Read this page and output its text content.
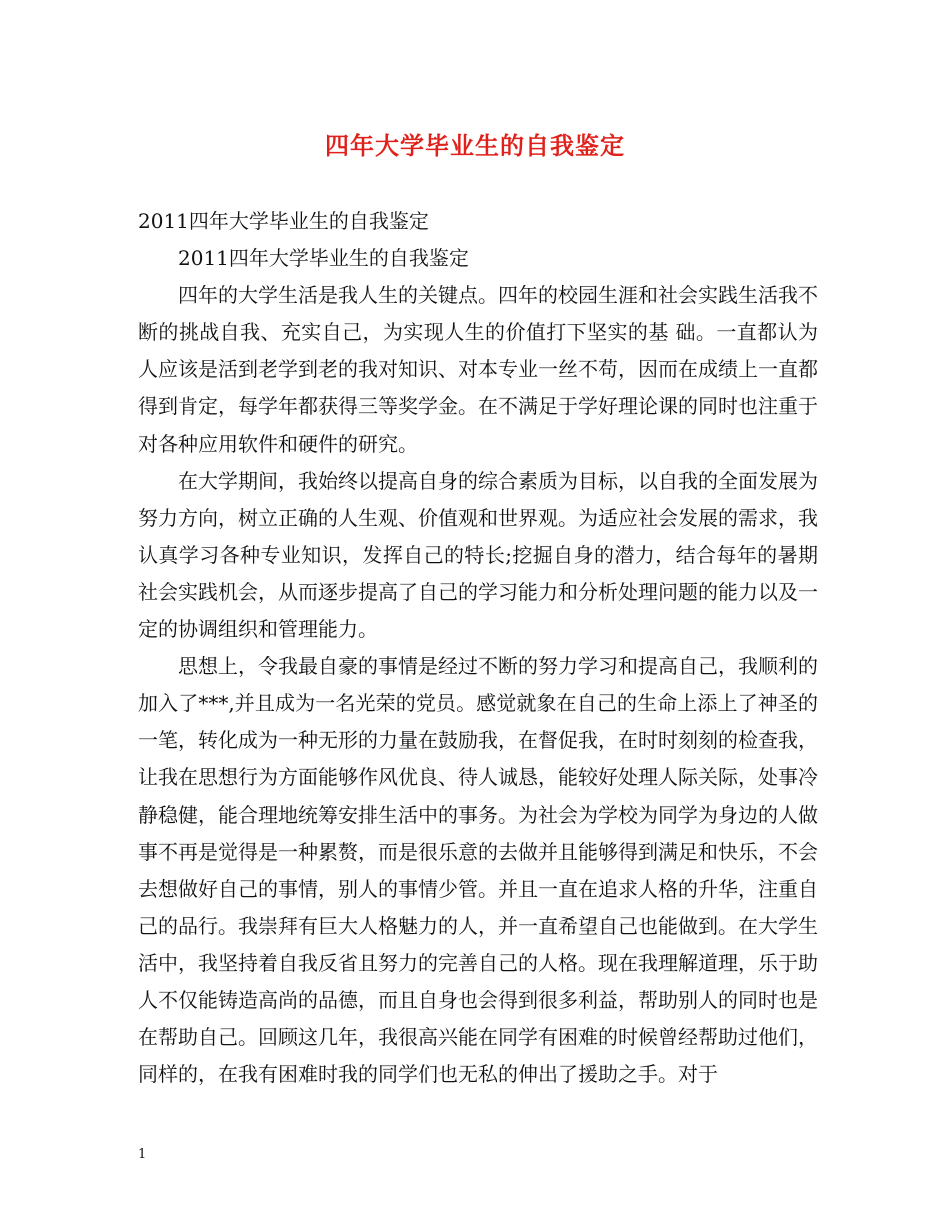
四年大学毕业生的自我鉴定

2011四年大学毕业生的自我鉴定

2011四年大学毕业生的自我鉴定

四年的大学生活是我人生的关键点。四年的校园生涯和社会实践生活我不断的挑战自我、充实自己，为实现人生的价值打下坚实的基 础。一直都认为人应该是活到老学到老的我对知识、对本专业一丝不苟，因而在成绩上一直都得到肯定，每学年都获得三等奖学金。在不满足于学好理论课的同时也注重于对各种应用软件和硬件的研究。

在大学期间，我始终以提高自身的综合素质为目标，以自我的全面发展为努力方向，树立正确的人生观、价值观和世界观。为适应社会发展的需求，我认真学习各种专业知识，发挥自己的特长;挖掘自身的潜力，结合每年的暑期社会实践机会，从而逐步提高了自己的学习能力和分析处理问题的能力以及一定的协调组织和管理能力。

思想上，令我最自豪的事情是经过不断的努力学习和提高自己，我顺利的加入了***,并且成为一名光荣的党员。感觉就象在自己的生命上添上了神圣的一笔，转化成为一种无形的力量在鼓励我，在督促我，在时时刻刻的检查我，让我在思想行为方面能够作风优良、待人诚恳，能较好处理人际关际，处事冷静稳健，能合理地统筹安排生活中的事务。为社会为学校为同学为身边的人做事不再是觉得是一种累赘，而是很乐意的去做并且能够得到满足和快乐，不会去想做好自己的事情，别人的事情少管。并且一直在追求人格的升华，注重自己的品行。我崇拜有巨大人格魅力的人，并一直希望自己也能做到。在大学生活中，我坚持着自我反省且努力的完善自己的人格。现在我理解道理，乐于助人不仅能铸造高尚的品德，而且自身也会得到很多利益，帮助别人的同时也是在帮助自己。回顾这几年，我很高兴能在同学有困难的时候曾经帮助过他们，同样的，在我有困难时我的同学们也无私的伸出了援助之手。对于

1
